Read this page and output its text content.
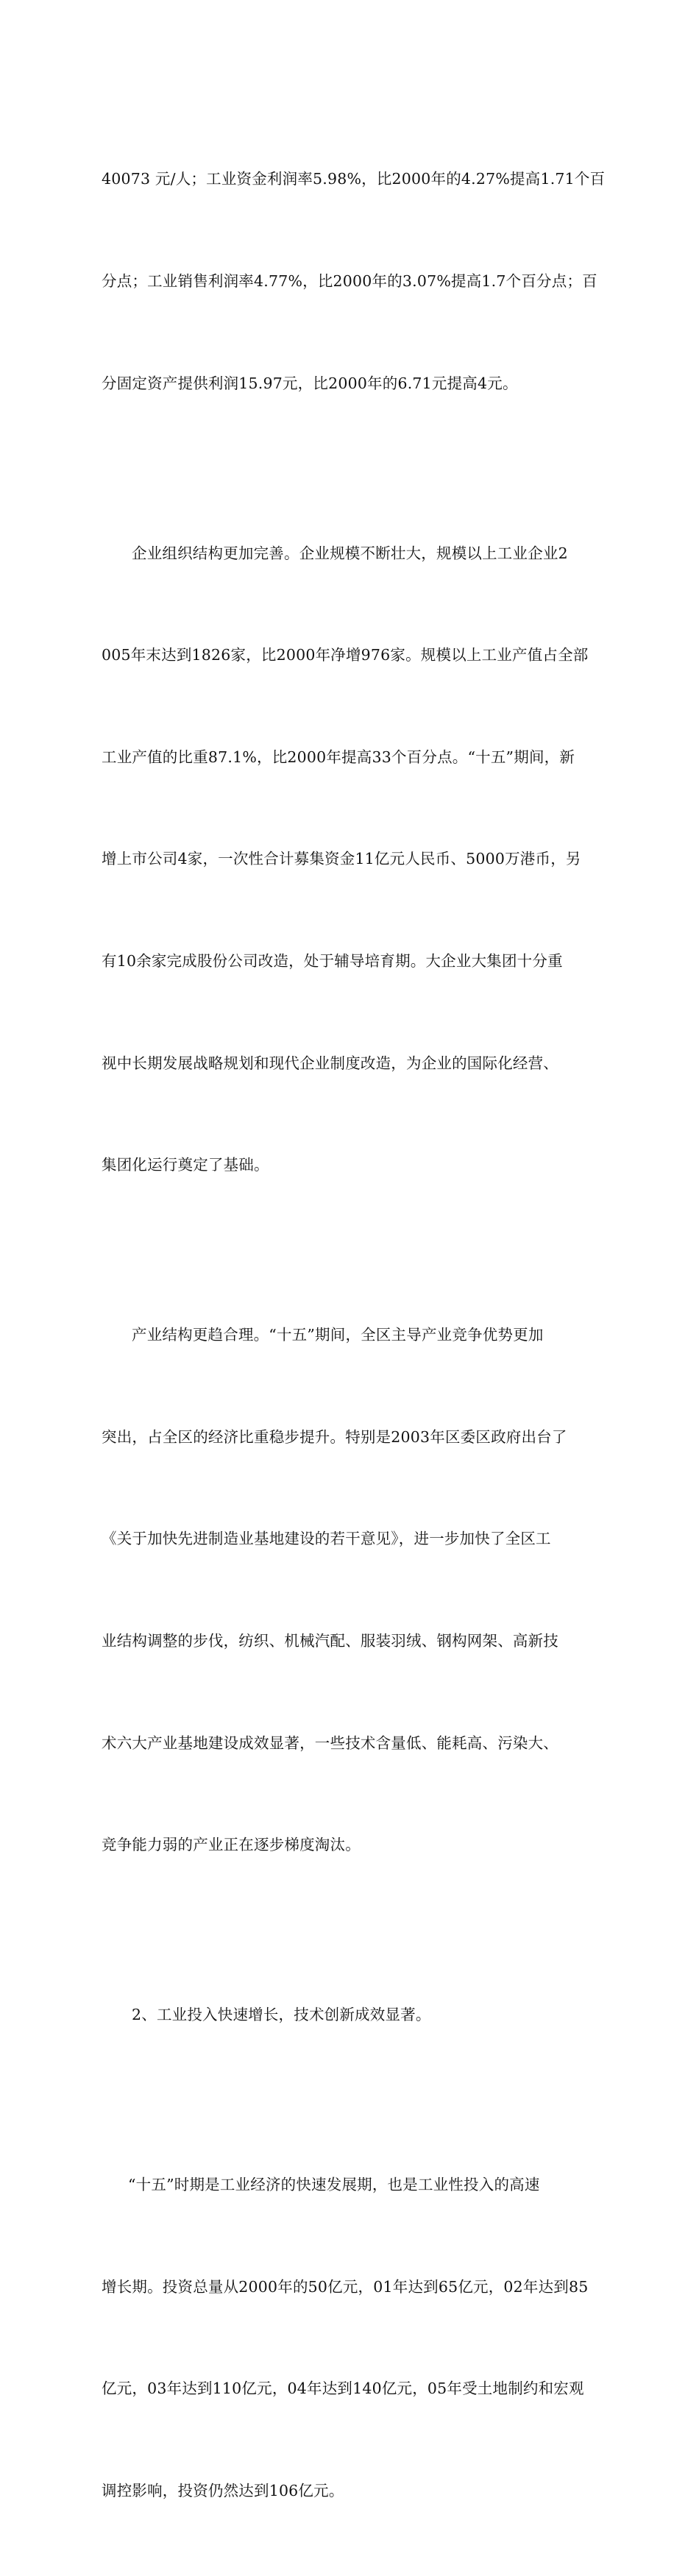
40073 元/人；工业资金利润率5.98%，比2000年的4.27%提高1.71个百

分点；工业销售利润率4.77%，比2000年的3.07%提高1.7个百分点；百

分固定资产提供利润15.97元，比2000年的6.71元提高4元。

企业组织结构更加完善。企业规模不断壮大，规模以上工业企业2

005年末达到1826家，比2000年净增976家。规模以上工业产值占全部

工业产值的比重87.1%，比2000年提高33个百分点。“十五”期间，新

增上市公司4家，一次性合计募集资金11亿元人民币、5000万港币，另

有10余家完成股份公司改造，处于辅导培育期。大企业大集团十分重

视中长期发展战略规划和现代企业制度改造，为企业的国际化经营、

集团化运行奠定了基础。

产业结构更趋合理。“十五”期间，全区主导产业竞争优势更加

突出，占全区的经济比重稳步提升。特别是2003年区委区政府出台了

《关于加快先进制造业基地建设的若干意见》，进一步加快了全区工

业结构调整的步伐，纺织、机械汽配、服装羽绒、钢构网架、高新技

术六大产业基地建设成效显著，一些技术含量低、能耗高、污染大、

竞争能力弱的产业正在逐步梯度淘汰。

2、工业投入快速增长，技术创新成效显著。

“十五”时期是工业经济的快速发展期，也是工业性投入的高速

增长期。投资总量从2000年的50亿元，01年达到65亿元，02年达到85

亿元，03年达到110亿元，04年达到140亿元，05年受土地制约和宏观

调控影响，投资仍然达到106亿元。
